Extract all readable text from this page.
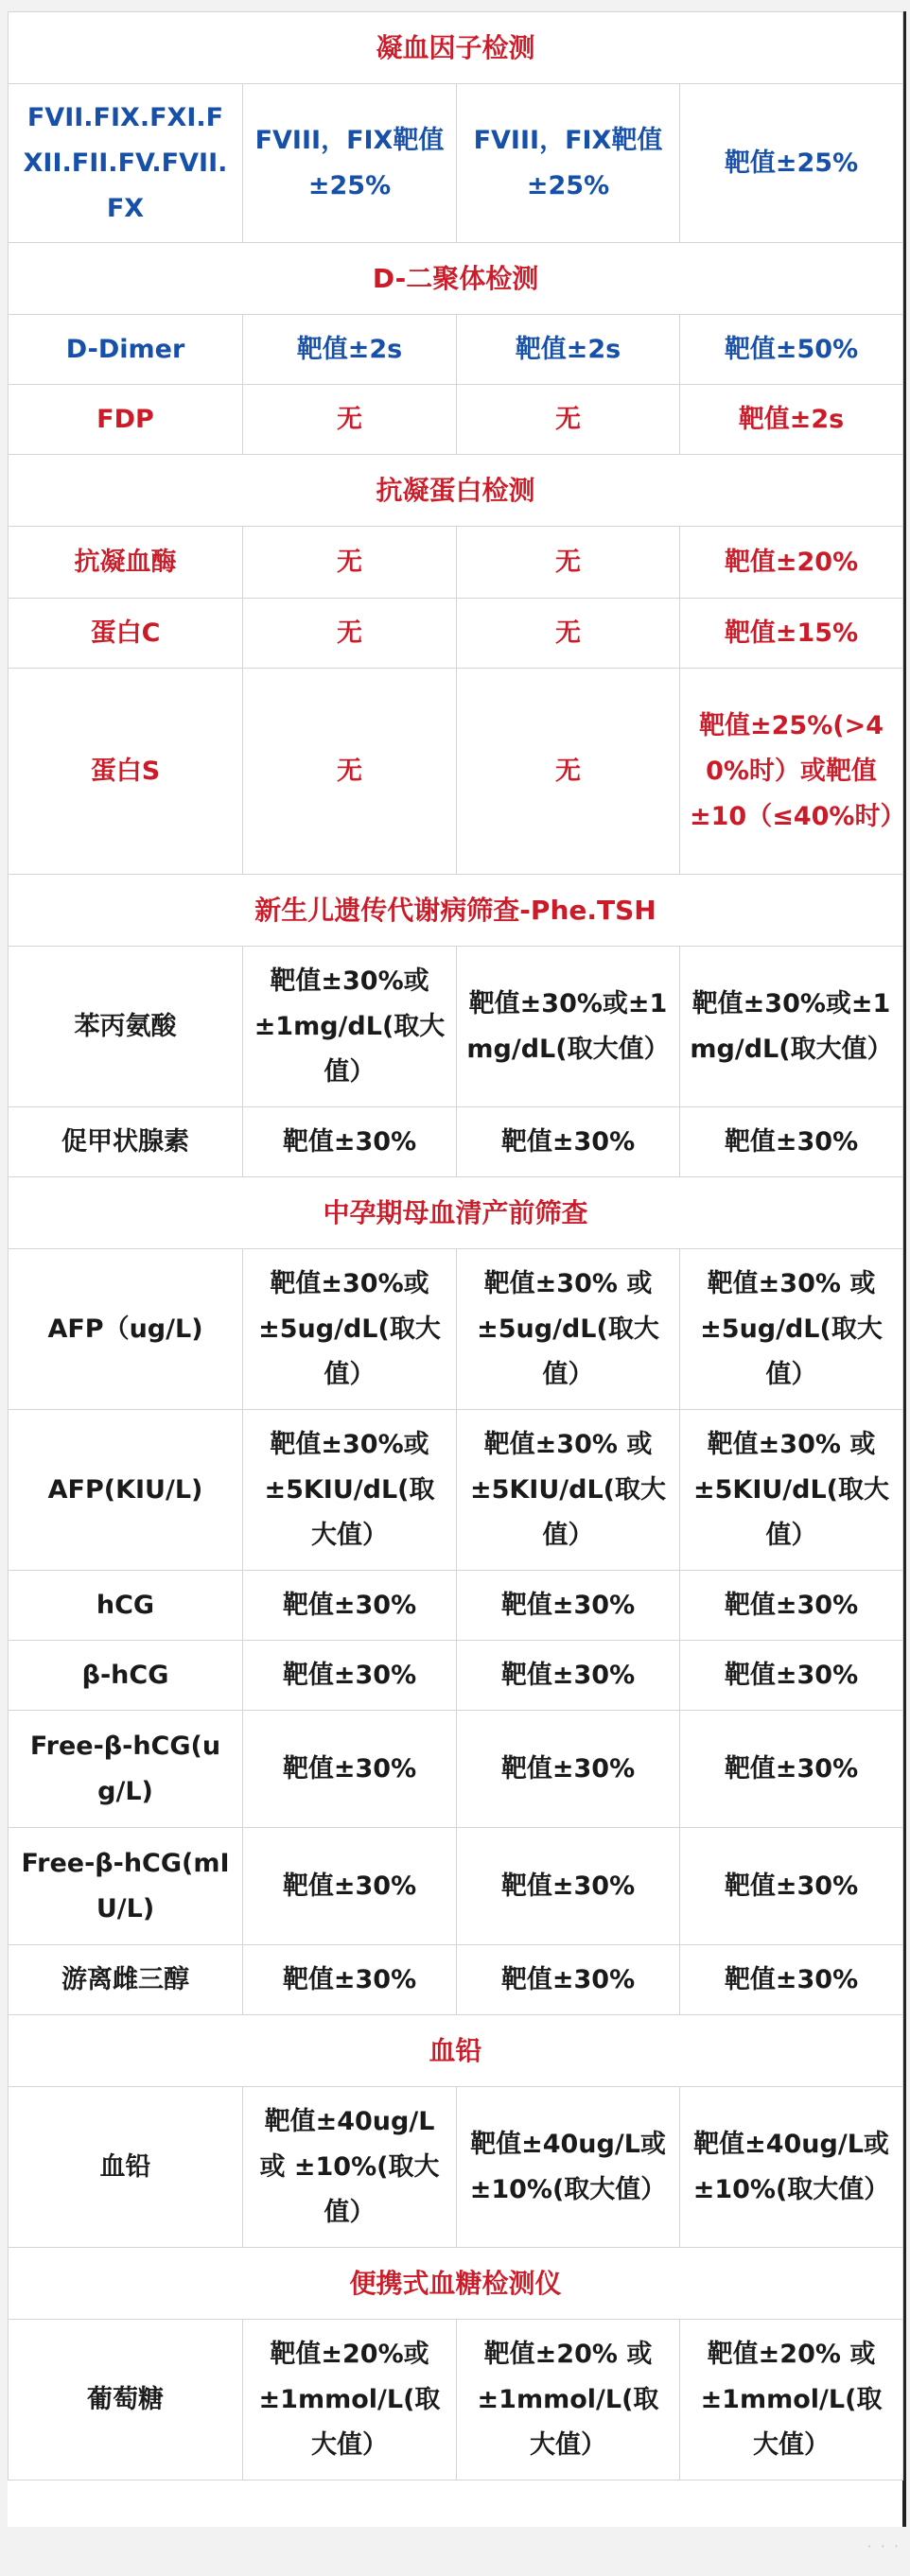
凝血因子检测			
FVII.FIX.FXI.FXII.FII.FV.FVII.FX	FVIII，FIX靶值±25%	FVIII，FIX靶值±25%	靶值±25%
D-二聚体检测			
D-Dimer	靶值±2s	靶值±2s	靶值±50%
FDP	无	无	靶值±2s
抗凝蛋白检测			
抗凝血酶	无	无	靶值±20%
蛋白C	无	无	靶值±15%
蛋白S	无	无	靶值±25%(>40%时）或靶值±10（≤40%时）
新生儿遗传代谢病筛查-Phe.TSH			
苯丙氨酸	靶值±30%或±1mg/dL(取大值）	靶值±30%或±1mg/dL(取大值）	靶值±30%或±1mg/dL(取大值）
促甲状腺素	靶值±30%	靶值±30%	靶值±30%
中孕期母血清产前筛查			
AFP（ug/L)	靶值±30%或±5ug/dL(取大值）	靶值±30% 或±5ug/dL(取大值）	靶值±30% 或±5ug/dL(取大值）
AFP(KIU/L)	靶值±30%或±5KIU/dL(取大值）	靶值±30% 或±5KIU/dL(取大值）	靶值±30% 或±5KIU/dL(取大值）
hCG	靶值±30%	靶值±30%	靶值±30%
β-hCG	靶值±30%	靶值±30%	靶值±30%
Free-β-hCG(ug/L)	靶值±30%	靶值±30%	靶值±30%
Free-β-hCG(mIU/L)	靶值±30%	靶值±30%	靶值±30%
游离雌三醇	靶值±30%	靶值±30%	靶值±30%
血铅			
血铅	靶值±40ug/L 或 ±10%(取大值）	靶值±40ug/L或 ±10%(取大值）	靶值±40ug/L或 ±10%(取大值）
便携式血糖检测仪			
葡萄糖	靶值±20%或 ±1mmol/L(取大值）	靶值±20% 或±1mmol/L(取大值）	靶值±20% 或±1mmol/L(取大值）
· · ·
